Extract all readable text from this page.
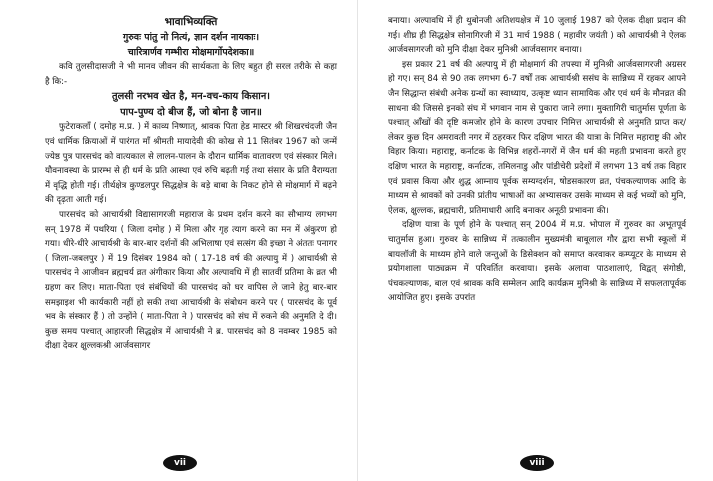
भावाभिव्यक्ति

गुरुवः पांतु नो नित्यं, ज्ञान दर्शन नायकाः।

चारित्रार्णव गम्भीरा मोक्षमार्गोपदेशका॥

कवि तुलसीदासजी ने भी मानव जीवन की सार्थकता के लिए बहुत ही सरल तरीके से कहा है कि:-

तुलसी नरभव खेत है, मन-वच-काय किसान।

पाप-पुण्य दो बीज हैं, जो बोना है जान॥

फुटेराकलाँ ( दमोह म.प्र. ) में काव्य निष्णात्, श्रावक पिता हेड मास्टर श्री शिखरचंदजी जैन एवं धार्मिक क्रियाओं में पारंगत माँ श्रीमती मायादेवी की कोख से 11 सितंबर 1967 को जन्में ज्येष्ठ पुत्र पारसचंद को वात्यकाल से लालन-पालन के दौरान धार्मिक वातावरण एवं संस्कार मिले। यौवनावस्था के प्रारम्भ से ही धर्म के प्रति आस्था एवं रुचि बढ़ती गई तथा संसार के प्रति वैराग्यता में वृद्धि होती गई। तीर्थक्षेत्र कुण्डलपुर सिद्धक्षेत्र के बड़े बाबा के निकट होने से मोक्षमार्ग में बढ़ने की दृढ़ता आती गई।

पारसचंद को आचार्यश्री विद्यासागरजी महाराज के प्रथम दर्शन करने का सौभाग्य लगभग सन् 1978 में पथरिया ( जिला दमोह ) में मिला और गृह त्याग करने का मन में अंकुरण हो गया। धीरे-धीरे आचार्यश्री के बार-बार दर्शनों की अभिलाषा एवं सत्संग की इच्छा ने अंततः पनागर ( जिला-जबलपुर ) में 19 दिसंबर 1984 को ( 17-18 वर्ष की अल्पायु में ) आचार्यश्री से पारसचंद ने आजीवन ब्रह्मचर्य व्रत अंगीकार किया और अल्पावधि में ही सातवीं प्रतिमा के व्रत भी ग्रहण कर लिए। माता-पिता एवं संबंधियों की पारसचंद को घर वापिस ले जाने हेतु बार-बार समझाइश भी कार्यकारी नहीं हो सकी तथा आचार्यश्री के संबोधन करने पर ( पारसचंद के पूर्व भव के संस्कार हैं ) तो उन्होंने ( माता-पिता ने ) पारसचंद को संघ में रुकने की अनुमति दे दी। कुछ समय पश्चात् आहारजी सिद्धक्षेत्र में आचार्यश्री ने ब्र. पारसचंद को 8 नवम्बर 1985 को दीक्षा देकर क्षुल्लकश्री आर्जवसागर

vii

बनाया। अल्पावधि में ही थुबोनजी अतिशयक्षेत्र में 10 जुलाई 1987 को ऐलक दीक्षा प्रदान की गई। शीघ्र ही सिद्धक्षेत्र सोनागिरजी में 31 मार्च 1988 ( महावीर जयंती ) को आचार्यश्री ने ऐलक आर्जवसागरजी को मुनि दीक्षा देकर मुनिश्री आर्जवसागर बनाया।

इस प्रकार 21 वर्ष की अल्पायु में ही मोक्षमार्ग की तपस्या में मुनिश्री आर्जवसागरजी अग्रसर हो गए। सन् 84 से 90 तक लगभग 6-7 वर्षों तक आचार्यश्री ससंघ के सान्निध्य में रहकर आपने जैन सिद्धान्त संबंधी अनेक ग्रन्थों का स्वाध्याय, उत्कृष्ट ध्यान सामायिक और एवं धर्म के मौनव्रत की साधना की जिससे इनको संघ में भगवान नाम से पुकारा जाने लगा। मुक्तागिरी चातुर्मास पूर्णता के पश्चात् आँखों की दृष्टि कमजोर होने के कारण उपचार निमित्त आचार्यश्री से अनुमति प्राप्त कर/लेकर कुछ दिन अमरावती नगर में ठहरकर फिर दक्षिण भारत की यात्रा के निमित्त महाराष्ट्र की ओर विहार किया। महाराष्ट्र, कर्नाटक के विभिन्न शहरों-नगरों में जैन धर्म की महती प्रभावना करते हुए दक्षिण भारत के महाराष्ट्र, कर्नाटक, तमिलनाडु और पांडीचेरी प्रदेशों में लगभग 13 वर्ष तक विहार एवं प्रवास किया और शुद्ध आम्नाय पूर्वक सम्यग्दर्शन, षोडसकारण व्रत, पंचकल्याणक आदि के माध्यम से श्रावकों को उनकी प्रांतीय भाषाओं का अभ्यासकर उसके माध्यम से कई भव्यों को मुनि, ऐलक, क्षुल्लक, ब्रह्मचारी, प्रतिमाधारी आदि बनाकर अनूठी प्रभावना की।

दक्षिण यात्रा के पूर्ण होने के पश्चात् सन् 2004 में म.प्र. भोपाल में गुरुवर का अभूतपूर्व चातुर्मास हुआ। गुरुवर के सान्निध्य में तत्कालीन मुख्यमंत्री बाबूलाल गौर द्वारा सभी स्कूलों में बायलॉजी के माध्यम होने वाले जन्तुओं के डिसेक्शन को समाप्त करवाकर कम्प्यूटर के माध्यम से प्रयोगशाला पाठ्यक्रम में परिवर्तित करवाया। इसके अलावा पाठशालाएं, वि‌द्वत् संगोष्ठी, पंचकल्याणक, बाल एवं श्रावक कवि सम्मेलन आदि कार्यक्रम मुनिश्री के सान्निध्य में सफलतापूर्वक आयोजित हुए। इसके उपरांत

viii
